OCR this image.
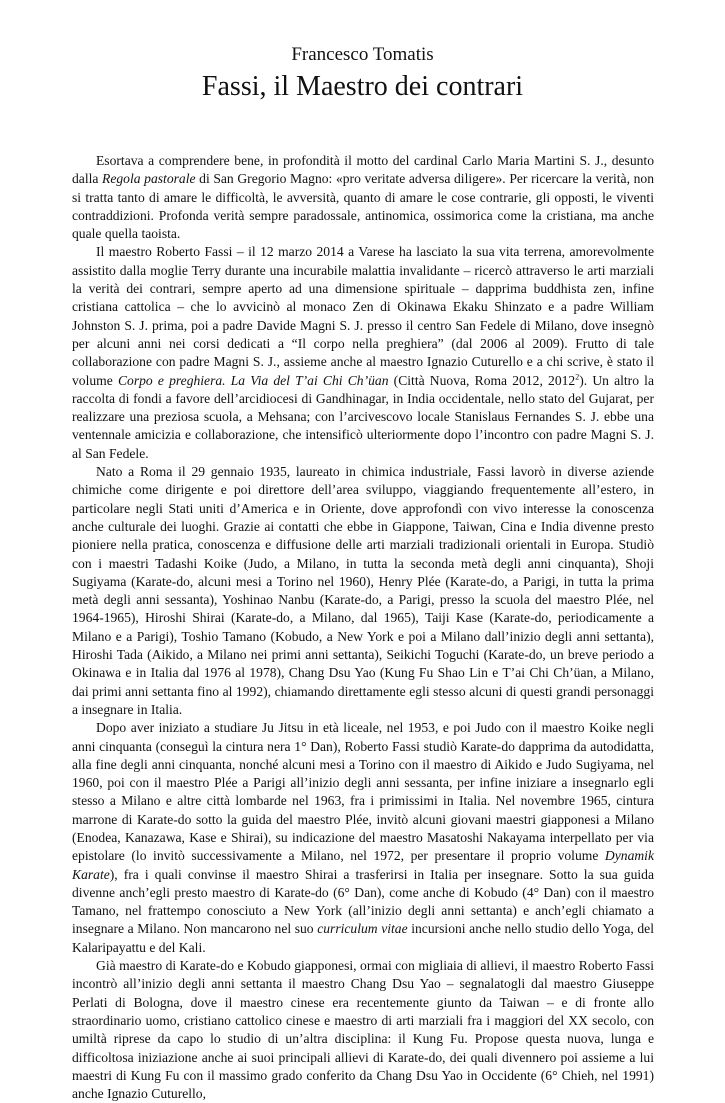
Francesco Tomatis
Fassi, il Maestro dei contrari

Esortava a comprendere bene, in profondità il motto del cardinal Carlo Maria Martini S. J., desunto dalla Regola pastorale di San Gregorio Magno: «pro veritate adversa diligere». Per ricercare la verità, non si tratta tanto di amare le difficoltà, le avversità, quanto di amare le cose contrarie, gli opposti, le viventi contraddizioni. Profonda verità sempre paradossale, antinomica, ossimorica come la cristiana, ma anche quale quella taoista.

Il maestro Roberto Fassi – il 12 marzo 2014 a Varese ha lasciato la sua vita terrena, amorevolmente assistito dalla moglie Terry durante una incurabile malattia invalidante – ricercò attraverso le arti marziali la verità dei contrari, sempre aperto ad una dimensione spirituale – dapprima buddhista zen, infine cristiana cattolica – che lo avvicinò al monaco Zen di Okinawa Ekaku Shinzato e a padre William Johnston S. J. prima, poi a padre Davide Magni S. J. presso il centro San Fedele di Milano, dove insegnò per alcuni anni nei corsi dedicati a “Il corpo nella preghiera” (dal 2006 al 2009). Frutto di tale collaborazione con padre Magni S. J., assieme anche al maestro Ignazio Cuturello e a chi scrive, è stato il volume Corpo e preghiera. La Via del T’ai Chi Ch’üan (Città Nuova, Roma 2012, 2012$^2$). Un altro la raccolta di fondi a favore dell’arcidiocesi di Gandhinagar, in India occidentale, nello stato del Gujarat, per realizzare una preziosa scuola, a Mehsana; con l’arcivescovo locale Stanislaus Fernandes S. J. ebbe una ventennale amicizia e collaborazione, che intensificò ulteriormente dopo l’incontro con padre Magni S. J. al San Fedele.

Nato a Roma il 29 gennaio 1935, laureato in chimica industriale, Fassi lavorò in diverse aziende chimiche come dirigente e poi direttore dell’area sviluppo, viaggiando frequentemente all’estero, in particolare negli Stati uniti d’America e in Oriente, dove approfondì con vivo interesse la conoscenza anche culturale dei luoghi. Grazie ai contatti che ebbe in Giappone, Taiwan, Cina e India divenne presto pioniere nella pratica, conoscenza e diffusione delle arti marziali tradizionali orientali in Europa. Studiò con i maestri Tadashi Koike (Judo, a Milano, in tutta la seconda metà degli anni cinquanta), Shoji Sugiyama (Karate-do, alcuni mesi a Torino nel 1960), Henry Plée (Karate-do, a Parigi, in tutta la prima metà degli anni sessanta), Yoshinao Nanbu (Karate-do, a Parigi, presso la scuola del maestro Plée, nel 1964-1965), Hiroshi Shirai (Karate-do, a Milano, dal 1965), Taiji Kase (Karate-do, periodicamente a Milano e a Parigi), Toshio Tamano (Kobudo, a New York e poi a Milano dall’inizio degli anni settanta), Hiroshi Tada (Aikido, a Milano nei primi anni settanta), Seikichi Toguchi (Karate-do, un breve periodo a Okinawa e in Italia dal 1976 al 1978), Chang Dsu Yao (Kung Fu Shao Lin e T’ai Chi Ch’üan, a Milano, dai primi anni settanta fino al 1992), chiamando direttamente egli stesso alcuni di questi grandi personaggi a insegnare in Italia.

Dopo aver iniziato a studiare Ju Jitsu in età liceale, nel 1953, e poi Judo con il maestro Koike negli anni cinquanta (conseguì la cintura nera 1° Dan), Roberto Fassi studiò Karate-do dapprima da autodidatta, alla fine degli anni cinquanta, nonché alcuni mesi a Torino con il maestro di Aikido e Judo Sugiyama, nel 1960, poi con il maestro Plée a Parigi all’inizio degli anni sessanta, per infine iniziare a insegnarlo egli stesso a Milano e altre città lombarde nel 1963, fra i primissimi in Italia. Nel novembre 1965, cintura marrone di Karate-do sotto la guida del maestro Plée, invitò alcuni giovani maestri giapponesi a Milano (Enodea, Kanazawa, Kase e Shirai), su indicazione del maestro Masatoshi Nakayama interpellato per via epistolare (lo invitò successivamente a Milano, nel 1972, per presentare il proprio volume Dynamik Karate), fra i quali convinse il maestro Shirai a trasferirsi in Italia per insegnare. Sotto la sua guida divenne anch’egli presto maestro di Karate-do (6° Dan), come anche di Kobudo (4° Dan) con il maestro Tamano, nel frattempo conosciuto a New York (all’inizio degli anni settanta) e anch’egli chiamato a insegnare a Milano. Non mancarono nel suo curriculum vitae incursioni anche nello studio dello Yoga, del Kalaripayattu e del Kali.

Già maestro di Karate-do e Kobudo giapponesi, ormai con migliaia di allievi, il maestro Roberto Fassi incontrò all’inizio degli anni settanta il maestro Chang Dsu Yao – segnalatogli dal maestro Giuseppe Perlati di Bologna, dove il maestro cinese era recentemente giunto da Taiwan – e di fronte allo straordinario uomo, cristiano cattolico cinese e maestro di arti marziali fra i maggiori del XX secolo, con umiltà riprese da capo lo studio di un’altra disciplina: il Kung Fu. Propose questa nuova, lunga e difficoltosa iniziazione anche ai suoi principali allievi di Karate-do, dei quali divennero poi assieme a lui maestri di Kung Fu con il massimo grado conferito da Chang Dsu Yao in Occidente (6° Chieh, nel 1991) anche Ignazio Cuturello,
